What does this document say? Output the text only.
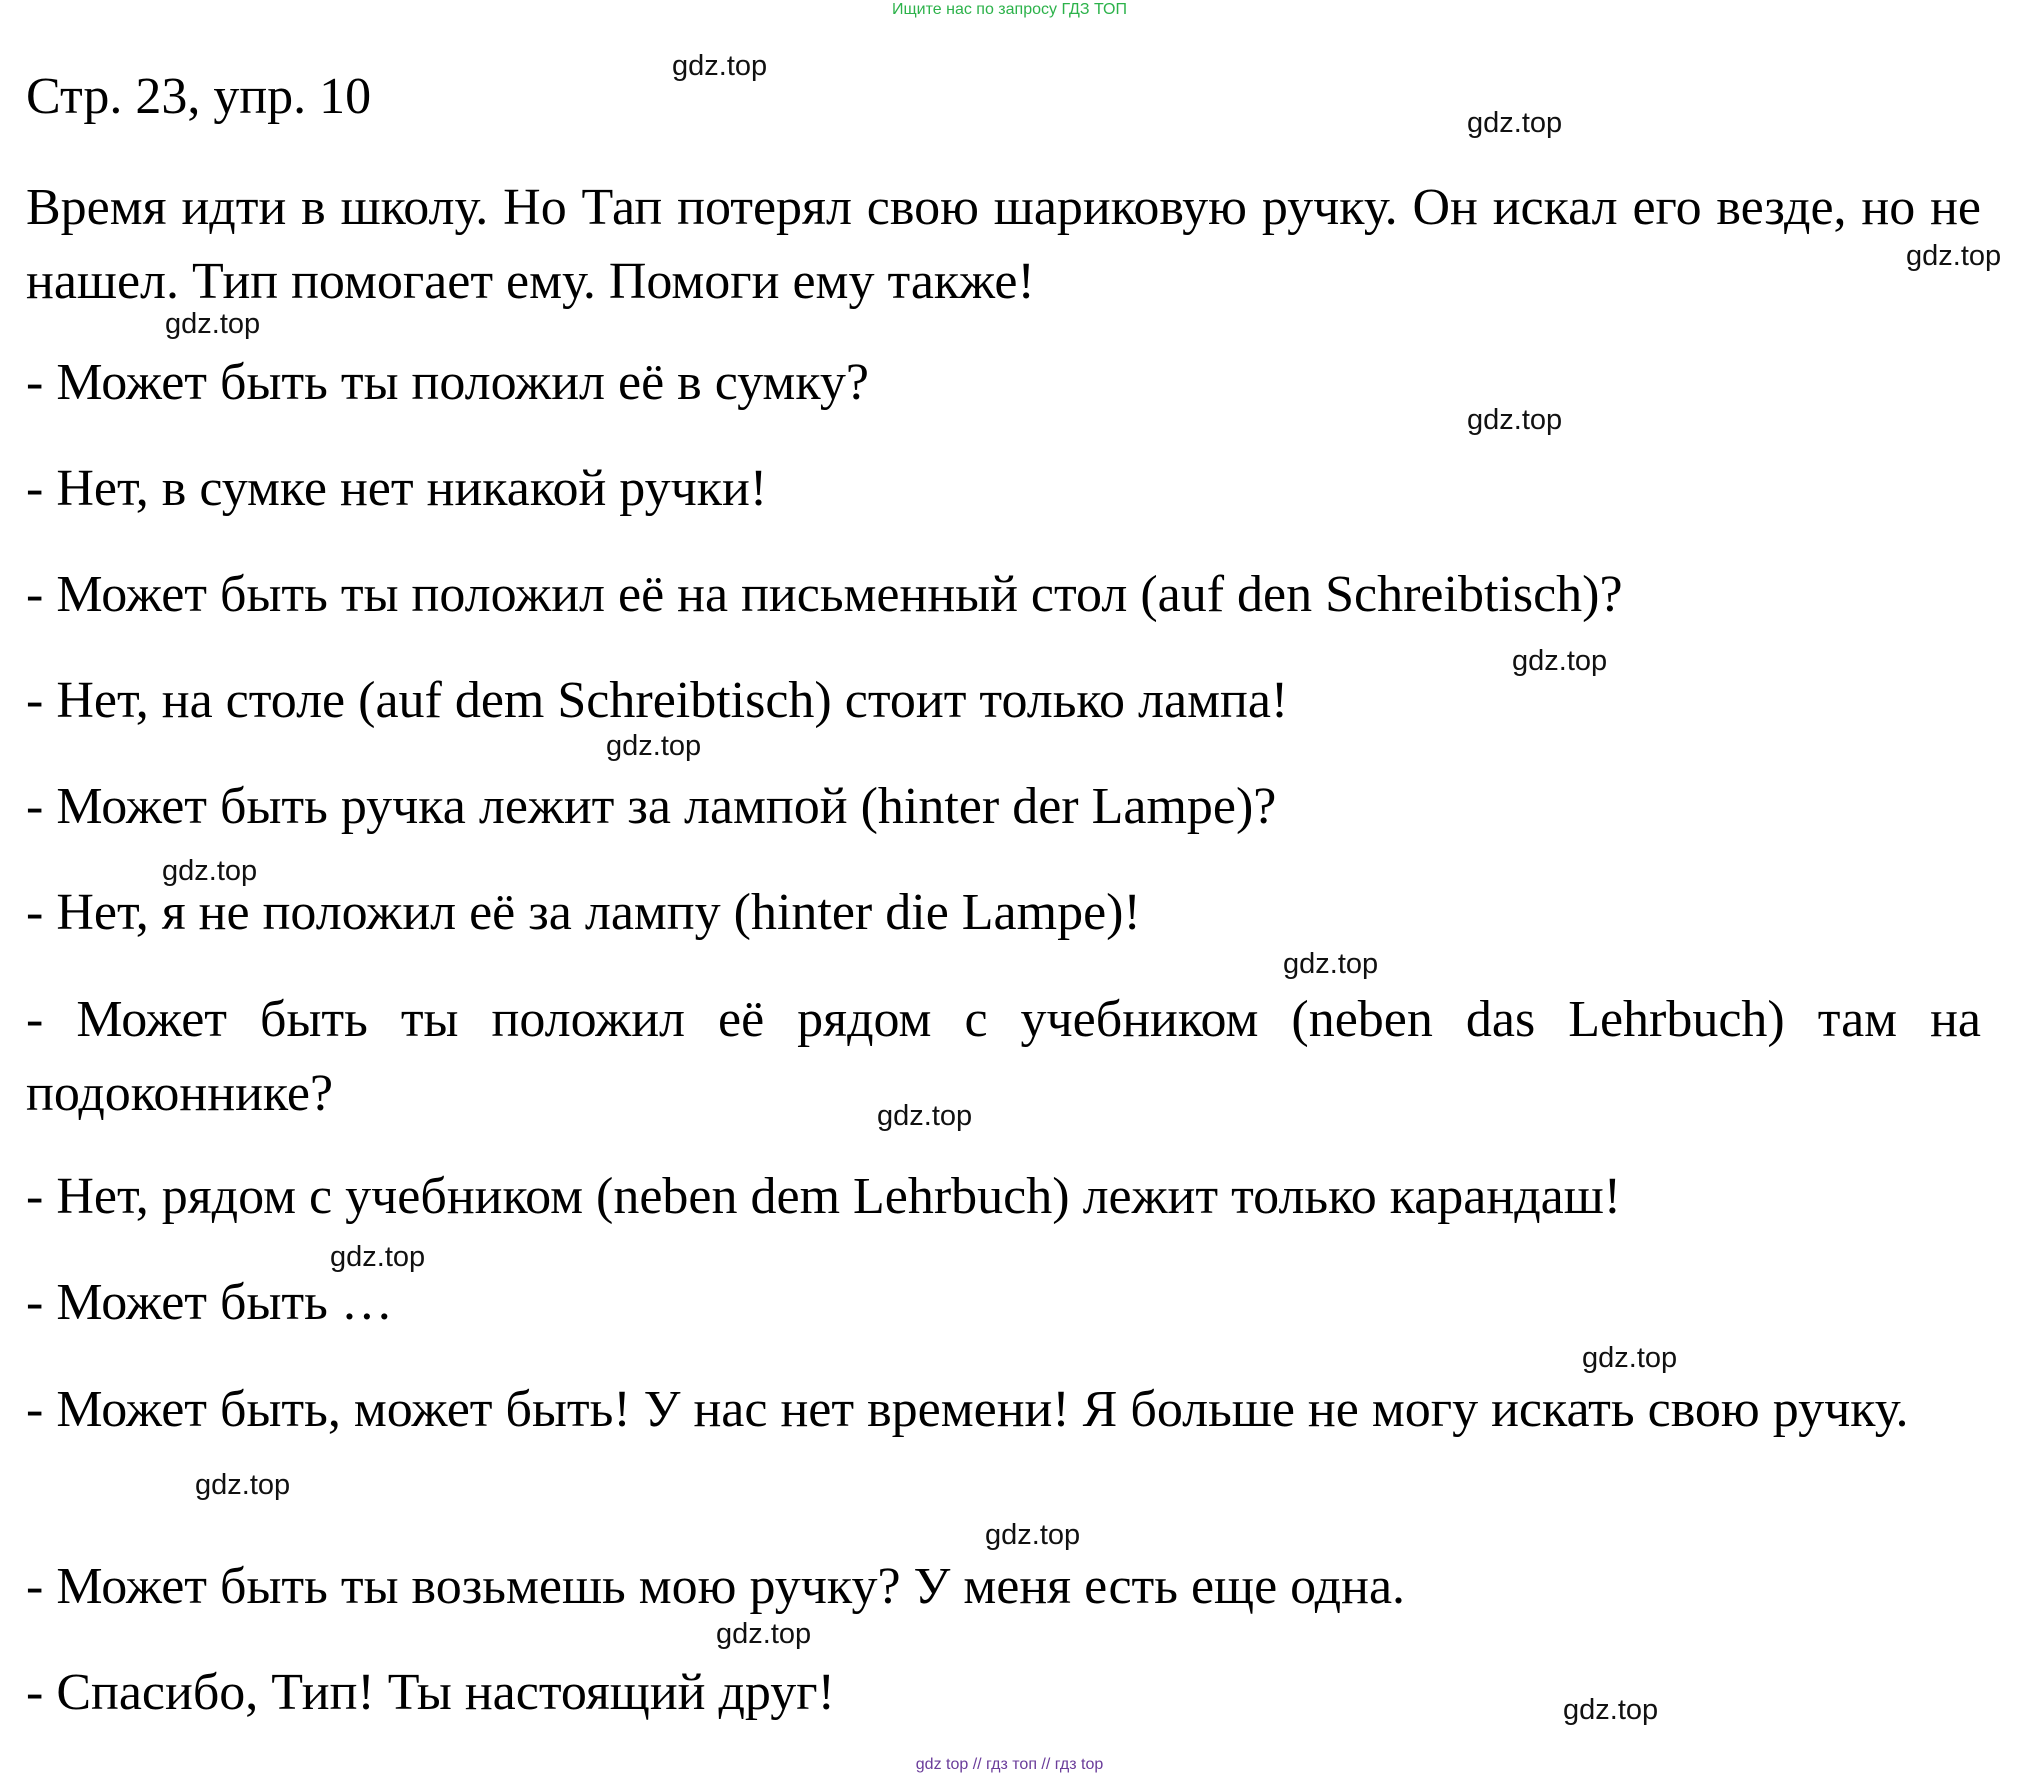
Ищите нас по запросу ГДЗ ТОП
Стр. 23, упр. 10
Время идти в школу. Но Тап потерял свою шариковую ручку. Он искал его везде, но не нашел. Тип помогает ему. Помоги ему также!
- Может быть ты положил её в сумку?
- Нет, в сумке нет никакой ручки!
- Может быть ты положил её на письменный стол (auf den Schreibtisch)?
- Нет, на столе (auf dem Schreibtisch) стоит только лампа!
- Может быть ручка лежит за лампой (hinter der Lampe)?
- Нет, я не положил её за лампу (hinter die Lampe)!
- Может быть ты положил её рядом с учебником (neben das Lehrbuch) там на подоконнике?
- Нет, рядом с учебником (neben dem Lehrbuch) лежит только карандаш!
- Может быть …
- Может быть, может быть! У нас нет времени! Я больше не могу искать свою ручку.
- Может быть ты возьмешь мою ручку? У меня есть еще одна.
- Спасибо, Тип! Ты настоящий друг!
gdz.top
gdz.top
gdz.top
gdz.top
gdz.top
gdz.top
gdz.top
gdz.top
gdz.top
gdz.top
gdz.top
gdz.top
gdz.top
gdz.top
gdz.top
gdz.top
gdz top // гдз топ // гдз top
